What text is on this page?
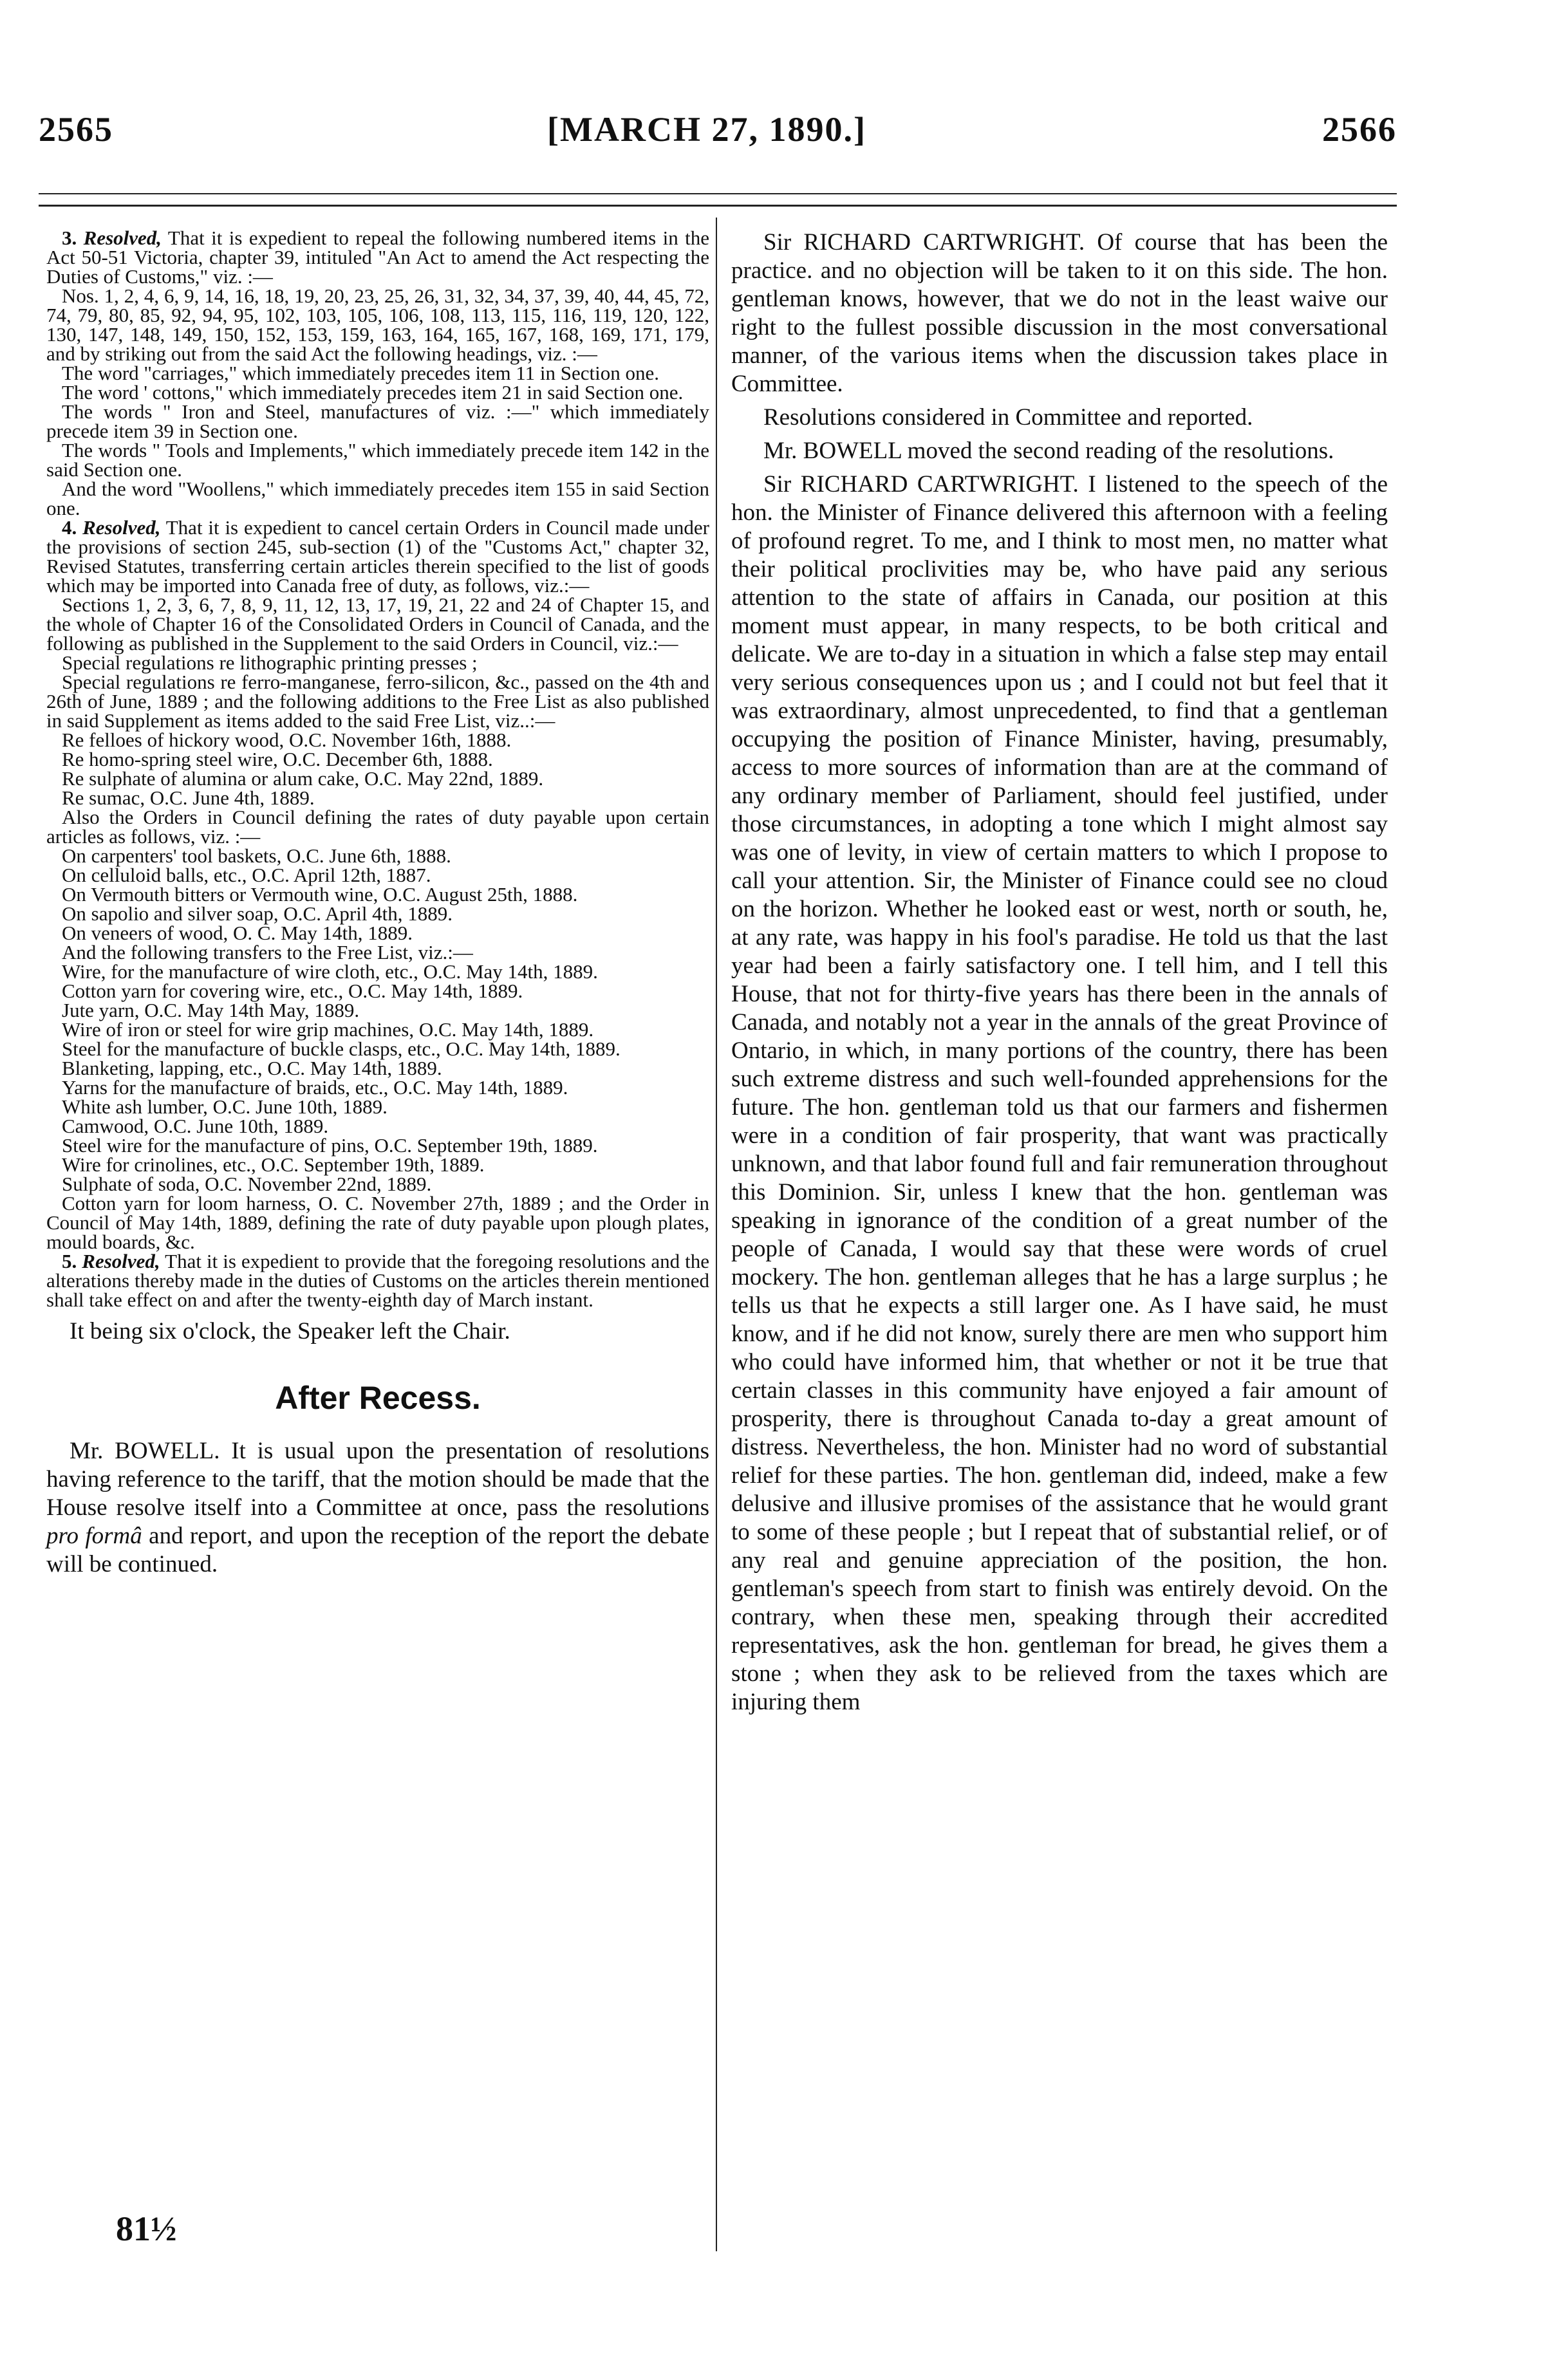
2565	[MARCH 27, 1890.]	2566

3. Resolved, That it is expedient to repeal the following numbered items in the Act 50-51 Victoria, chapter 39, intituled "An Act to amend the Act respecting the Duties of Customs," viz. :—

Nos. 1, 2, 4, 6, 9, 14, 16, 18, 19, 20, 23, 25, 26, 31, 32, 34, 37, 39, 40, 44, 45, 72, 74, 79, 80, 85, 92, 94, 95, 102, 103, 105, 106, 108, 113, 115, 116, 119, 120, 122, 130, 147, 148, 149, 150, 152, 153, 159, 163, 164, 165, 167, 168, 169, 171, 179, and by striking out from the said Act the following headings, viz. :—

The word "carriages," which immediately precedes item 11 in Section one.

The word ' cottons," which immediately precedes item 21 in said Section one.

The words " Iron and Steel, manufactures of viz. :—" which immediately precede item 39 in Section one.

The words " Tools and Implements," which immediately precede item 142 in the said Section one.

And the word "Woollens," which immediately precedes item 155 in said Section one.

4. Resolved, That it is expedient to cancel certain Orders in Council made under the provisions of section 245, sub-section (1) of the "Customs Act," chapter 32, Revised Statutes, transferring certain articles therein specified to the list of goods which may be imported into Canada free of duty, as follows, viz.:—

Sections 1, 2, 3, 6, 7, 8, 9, 11, 12, 13, 17, 19, 21, 22 and 24 of Chapter 15, and the whole of Chapter 16 of the Consolidated Orders in Council of Canada, and the following as published in the Supplement to the said Orders in Council, viz.:—

Special regulations re lithographic printing presses ;

Special regulations re ferro-manganese, ferro-silicon, &c., passed on the 4th and 26th of June, 1889 ; and the following additions to the Free List as also published in said Supplement as items added to the said Free List, viz..:—

Re felloes of hickory wood, O.C. November 16th, 1888.

Re homo-spring steel wire, O.C. December 6th, 1888.

Re sulphate of alumina or alum cake, O.C. May 22nd, 1889.

Re sumac, O.C. June 4th, 1889.

Also the Orders in Council defining the rates of duty payable upon certain articles as follows, viz. :—

On carpenters' tool baskets, O.C. June 6th, 1888.

On celluloid balls, etc., O.C. April 12th, 1887.

On Vermouth bitters or Vermouth wine, O.C. August 25th, 1888.

On sapolio and silver soap, O.C. April 4th, 1889.

On veneers of wood, O. C. May 14th, 1889.

And the following transfers to the Free List, viz.:—

Wire, for the manufacture of wire cloth, etc., O.C. May 14th, 1889.

Cotton yarn for covering wire, etc., O.C. May 14th, 1889.

Jute yarn, O.C. May 14th May, 1889.

Wire of iron or steel for wire grip machines, O.C. May 14th, 1889.

Steel for the manufacture of buckle clasps, etc., O.C. May 14th, 1889.

Blanketing, lapping, etc., O.C. May 14th, 1889.

Yarns for the manufacture of braids, etc., O.C. May 14th, 1889.

White ash lumber, O.C. June 10th, 1889.

Camwood, O.C. June 10th, 1889.

Steel wire for the manufacture of pins, O.C. September 19th, 1889.

Wire for crinolines, etc., O.C. September 19th, 1889.

Sulphate of soda, O.C. November 22nd, 1889.

Cotton yarn for loom harness, O. C. November 27th, 1889 ; and the Order in Council of May 14th, 1889, defining the rate of duty payable upon plough plates, mould boards, &c.

5. Resolved, That it is expedient to provide that the foregoing resolutions and the alterations thereby made in the duties of Customs on the articles therein mentioned shall take effect on and after the twenty-eighth day of March instant.

It being six o'clock, the Speaker left the Chair.

After Recess.

Mr. BOWELL. It is usual upon the presentation of resolutions having reference to the tariff, that the motion should be made that the House resolve itself into a Committee at once, pass the resolutions pro formâ and report, and upon the reception of the report the debate will be continued.

81½

Sir RICHARD CARTWRIGHT. Of course that has been the practice. and no objection will be taken to it on this side. The hon. gentleman knows, however, that we do not in the least waive our right to the fullest possible discussion in the most conversational manner, of the various items when the discussion takes place in Committee.

Resolutions considered in Committee and reported.

Mr. BOWELL moved the second reading of the resolutions.

Sir RICHARD CARTWRIGHT. I listened to the speech of the hon. the Minister of Finance delivered this afternoon with a feeling of profound regret. To me, and I think to most men, no matter what their political proclivities may be, who have paid any serious attention to the state of affairs in Canada, our position at this moment must appear, in many respects, to be both critical and delicate. We are to-day in a situation in which a false step may entail very serious consequences upon us ; and I could not but feel that it was extraordinary, almost unprecedented, to find that a gentleman occupying the position of Finance Minister, having, presumably, access to more sources of information than are at the command of any ordinary member of Parliament, should feel justified, under those circumstances, in adopting a tone which I might almost say was one of levity, in view of certain matters to which I propose to call your attention. Sir, the Minister of Finance could see no cloud on the horizon. Whether he looked east or west, north or south, he, at any rate, was happy in his fool's paradise. He told us that the last year had been a fairly satisfactory one. I tell him, and I tell this House, that not for thirty-five years has there been in the annals of Canada, and notably not a year in the annals of the great Province of Ontario, in which, in many portions of the country, there has been such extreme distress and such well-founded apprehensions for the future. The hon. gentleman told us that our farmers and fishermen were in a condition of fair prosperity, that want was practically unknown, and that labor found full and fair remuneration throughout this Dominion. Sir, unless I knew that the hon. gentleman was speaking in ignorance of the condition of a great number of the people of Canada, I would say that these were words of cruel mockery. The hon. gentleman alleges that he has a large surplus ; he tells us that he expects a still larger one. As I have said, he must know, and if he did not know, surely there are men who support him who could have informed him, that whether or not it be true that certain classes in this community have enjoyed a fair amount of prosperity, there is throughout Canada to-day a great amount of distress. Nevertheless, the hon. Minister had no word of substantial relief for these parties. The hon. gentleman did, indeed, make a few delusive and illusive promises of the assistance that he would grant to some of these people ; but I repeat that of substantial relief, or of any real and genuine appreciation of the position, the hon. gentleman's speech from start to finish was entirely devoid. On the contrary, when these men, speaking through their accredited representatives, ask the hon. gentleman for bread, he gives them a stone ; when they ask to be relieved from the taxes which are injuring them
